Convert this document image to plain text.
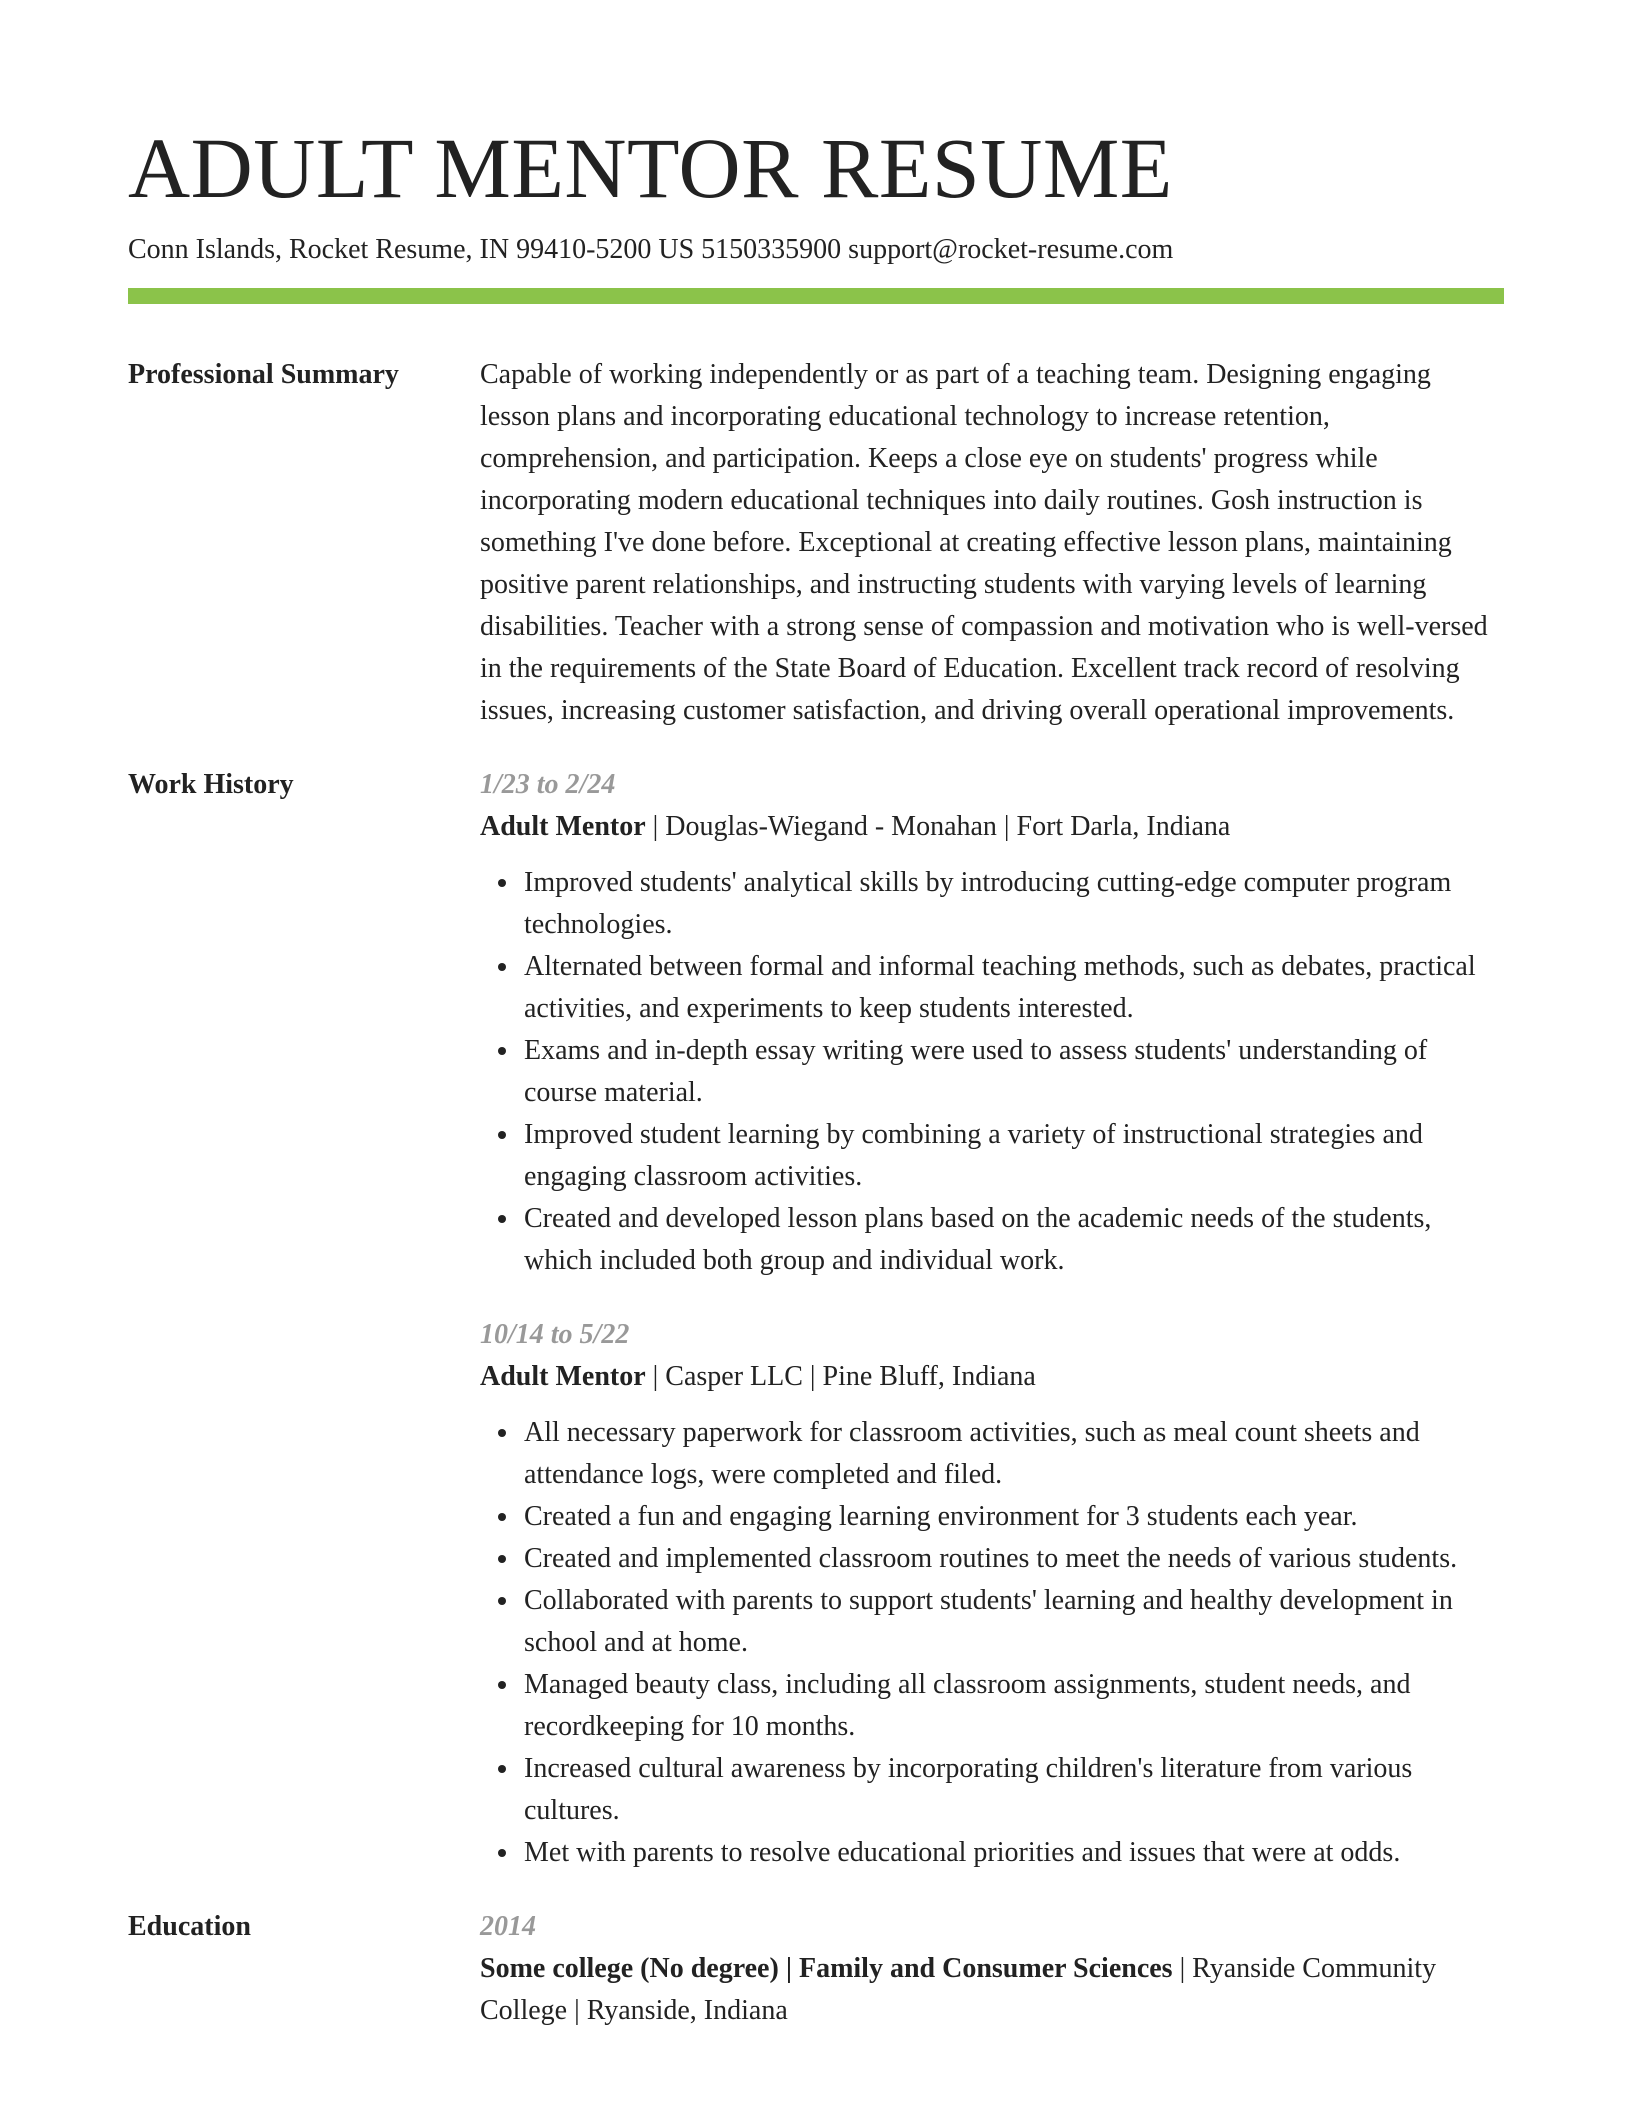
ADULT MENTOR RESUME
Conn Islands, Rocket Resume, IN 99410-5200 US 5150335900 support@rocket-resume.com
Professional Summary	Capable of working independently or as part of a teaching team. Designing engaging lesson plans and incorporating educational technology to increase retention, comprehension, and participation. Keeps a close eye on students' progress while incorporating modern educational techniques into daily routines. Gosh instruction is something I've done before. Exceptional at creating effective lesson plans, maintaining positive parent relationships, and instructing students with varying levels of learning disabilities. Teacher with a strong sense of compassion and motivation who is well-versed in the requirements of the State Board of Education. Excellent track record of resolving issues, increasing customer satisfaction, and driving overall operational improvements.

Work History	1/23 to 2/24
Adult Mentor | Douglas-Wiegand - Monahan | Fort Darla, Indiana
Improved students' analytical skills by introducing cutting-edge computer program technologies.
Alternated between formal and informal teaching methods, such as debates, practical activities, and experiments to keep students interested.
Exams and in-depth essay writing were used to assess students' understanding of course material.
Improved student learning by combining a variety of instructional strategies and engaging classroom activities.
Created and developed lesson plans based on the academic needs of the students, which included both group and individual work.
10/14 to 5/22
Adult Mentor | Casper LLC | Pine Bluff, Indiana
All necessary paperwork for classroom activities, such as meal count sheets and attendance logs, were completed and filed.
Created a fun and engaging learning environment for 3 students each year.
Created and implemented classroom routines to meet the needs of various students.
Collaborated with parents to support students' learning and healthy development in school and at home.
Managed beauty class, including all classroom assignments, student needs, and recordkeeping for 10 months.
Increased cultural awareness by incorporating children's literature from various cultures.
Met with parents to resolve educational priorities and issues that were at odds.
Education	2014
Some college (No degree) | Family and Consumer Sciences | Ryanside Community College | Ryanside, Indiana
